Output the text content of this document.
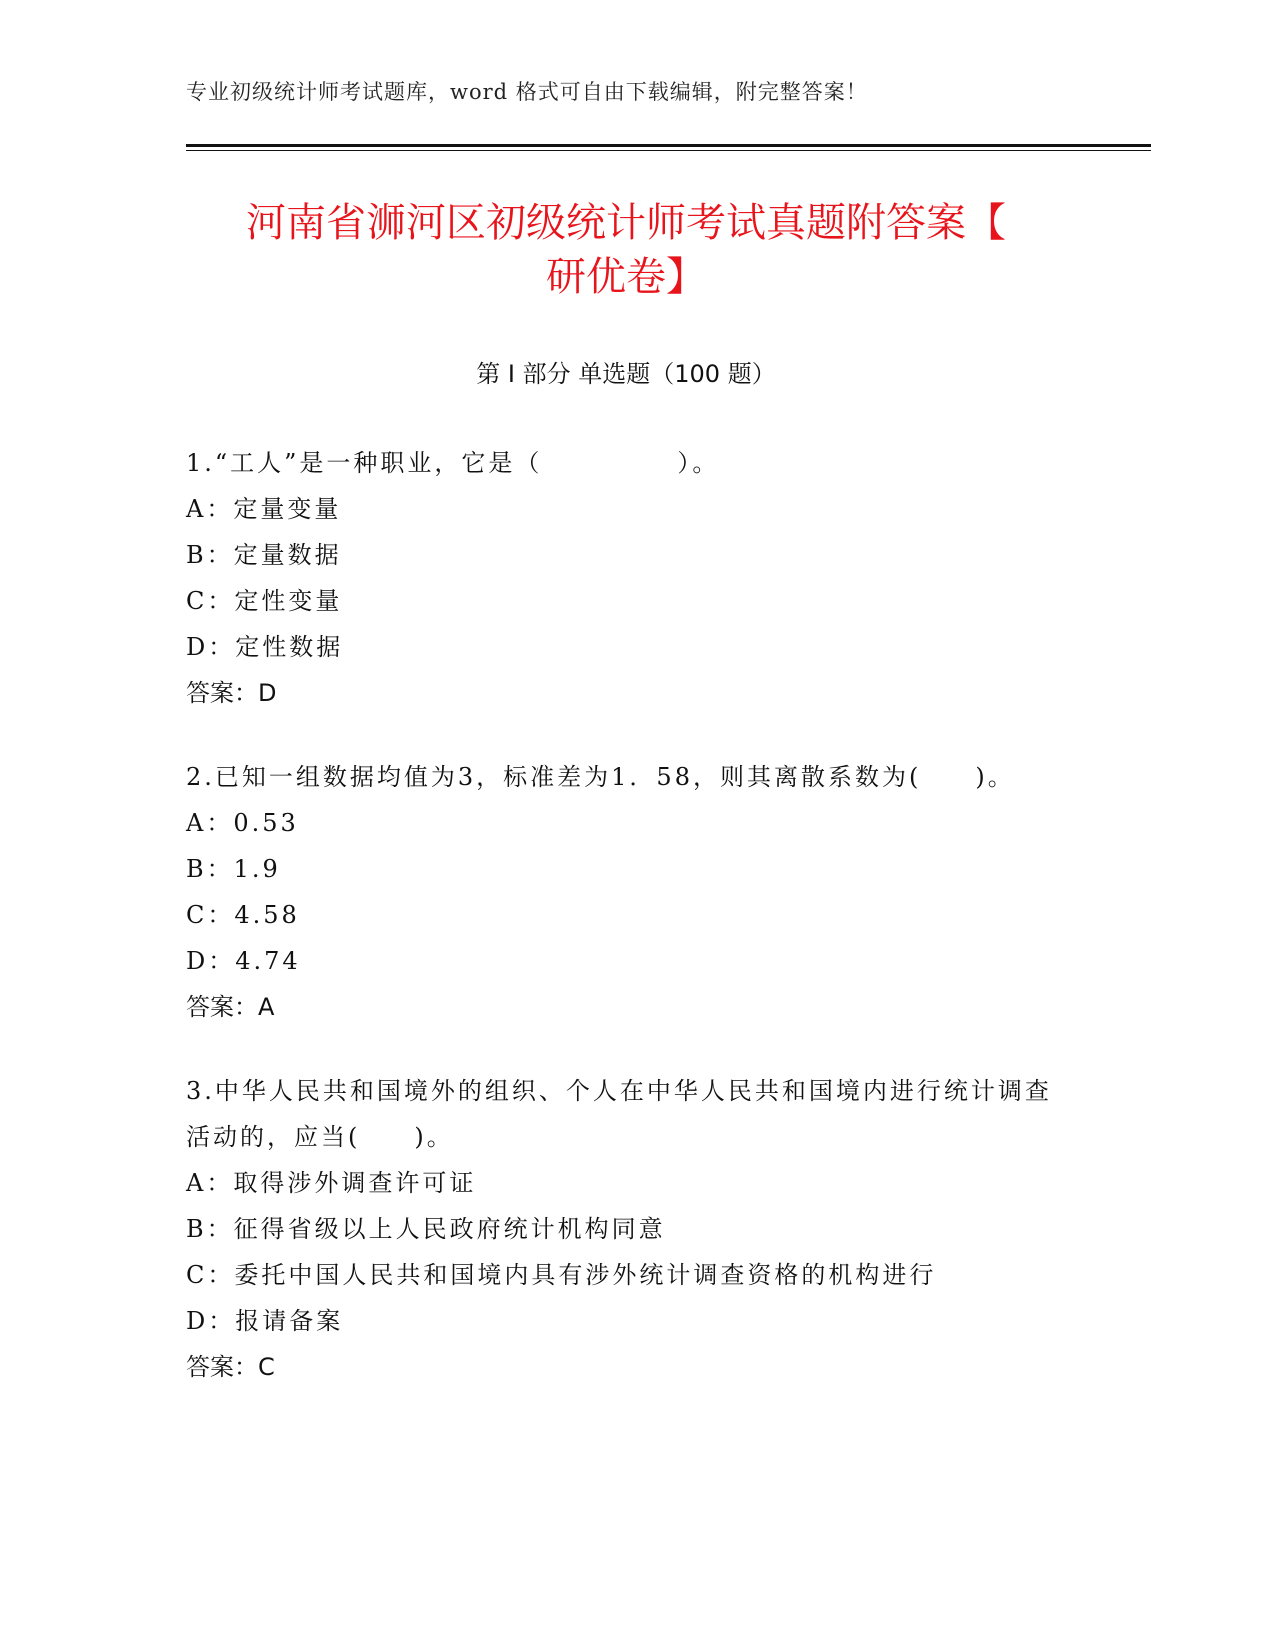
专业初级统计师考试题库，word 格式可自由下载编辑，附完整答案！
河南省浉河区初级统计师考试真题附答案【
研优卷】
第 I 部分 单选题（100 题）
1.“工人”是一种职业，它是（　　　　　）。
A：定量变量
B：定量数据
C：定性变量
D：定性数据
答案：D
2.已知一组数据均值为3，标准差为1．58，则其离散系数为(　　)。
A：0.53
B：1.9
C：4.58
D：4.74
答案：A
3.中华人民共和国境外的组织、个人在中华人民共和国境内进行统计调查活动的，应当(　　)。
A：取得涉外调查许可证
B：征得省级以上人民政府统计机构同意
C：委托中国人民共和国境内具有涉外统计调查资格的机构进行
D：报请备案
答案：C
